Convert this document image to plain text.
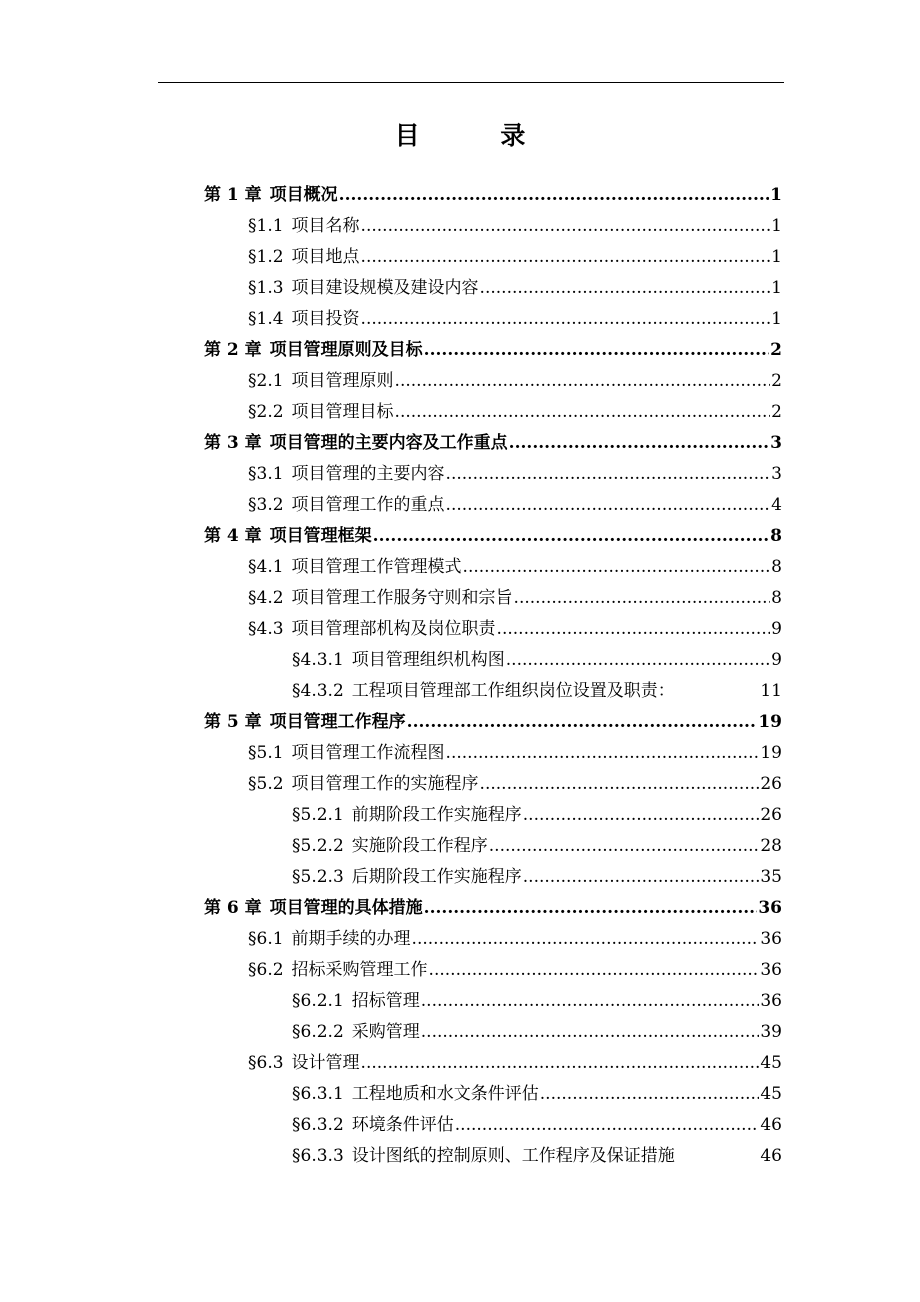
目 录
第 1 章 项目概况 .....	1
§1.1 项目名称 .....	1
§1.2 项目地点 .....	1
§1.3 项目建设规模及建设内容 .....	1
§1.4 项目投资 .....	1
第 2 章 项目管理原则及目标 .....	2
§2.1 项目管理原则 .....	2
§2.2 项目管理目标 .....	2
第 3 章 项目管理的主要内容及工作重点 .....	3
§3.1 项目管理的主要内容 .....	3
§3.2 项目管理工作的重点 .....	4
第 4 章 项目管理框架 .....	8
§4.1 项目管理工作管理模式 .....	8
§4.2 项目管理工作服务守则和宗旨 .....	8
§4.3 项目管理部机构及岗位职责 .....	9
§4.3.1 项目管理组织机构图 .....	9
§4.3.2 工程项目管理部工作组织岗位设置及职责：	11
第 5 章 项目管理工作程序 .....	19
§5.1 项目管理工作流程图 .....	19
§5.2 项目管理工作的实施程序 .....	26
§5.2.1 前期阶段工作实施程序 .....	26
§5.2.2 实施阶段工作程序 .....	28
§5.2.3 后期阶段工作实施程序 .....	35
第 6 章 项目管理的具体措施 .....	36
§6.1 前期手续的办理 .....	36
§6.2 招标采购管理工作 .....	36
§6.2.1 招标管理 .....	36
§6.2.2 采购管理 .....	39
§6.3 设计管理 .....	45
§6.3.1 工程地质和水文条件评估 .....	45
§6.3.2 环境条件评估 .....	46
§6.3.3 设计图纸的控制原则、工作程序及保证措施	46
